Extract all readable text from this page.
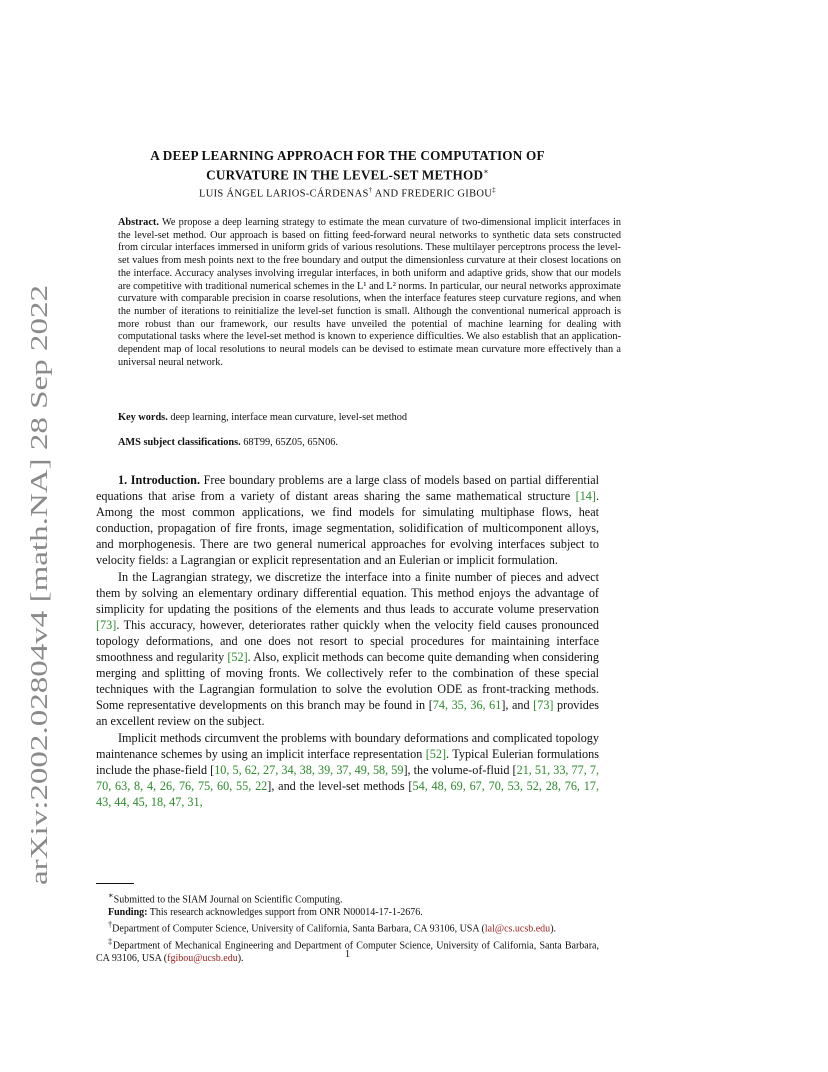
arXiv:2002.02804v4 [math.NA] 28 Sep 2022
A DEEP LEARNING APPROACH FOR THE COMPUTATION OF
CURVATURE IN THE LEVEL-SET METHOD∗
LUIS ÁNGEL LARIOS-CÁRDENAS† AND FREDERIC GIBOU‡
Abstract. We propose a deep learning strategy to estimate the mean curvature of two-dimensional implicit interfaces in the level-set method. Our approach is based on fitting feed-forward neural networks to synthetic data sets constructed from circular interfaces immersed in uniform grids of various resolutions. These multilayer perceptrons process the level-set values from mesh points next to the free boundary and output the dimensionless curvature at their closest locations on the interface. Accuracy analyses involving irregular interfaces, in both uniform and adaptive grids, show that our models are competitive with traditional numerical schemes in the L¹ and L² norms. In particular, our neural networks approximate curvature with comparable precision in coarse resolutions, when the interface features steep curvature regions, and when the number of iterations to reinitialize the level-set function is small. Although the conventional numerical approach is more robust than our framework, our results have unveiled the potential of machine learning for dealing with computational tasks where the level-set method is known to experience difficulties. We also establish that an application-dependent map of local resolutions to neural models can be devised to estimate mean curvature more effectively than a universal neural network.
Key words. deep learning, interface mean curvature, level-set method
AMS subject classifications. 68T99, 65Z05, 65N06.

1. Introduction. Free boundary problems are a large class of models based on partial differential equations that arise from a variety of distant areas sharing the same mathematical structure [14]. Among the most common applications, we find models for simulating multiphase flows, heat conduction, propagation of fire fronts, image segmentation, solidification of multicomponent alloys, and morphogenesis. There are two general numerical approaches for evolving interfaces subject to velocity fields: a Lagrangian or explicit representation and an Eulerian or implicit formulation.

In the Lagrangian strategy, we discretize the interface into a finite number of pieces and advect them by solving an elementary ordinary differential equation. This method enjoys the advantage of simplicity for updating the positions of the elements and thus leads to accurate volume preservation [73]. This accuracy, however, deteriorates rather quickly when the velocity field causes pronounced topology deformations, and one does not resort to special procedures for maintaining interface smoothness and regularity [52]. Also, explicit methods can become quite demanding when considering merging and splitting of moving fronts. We collectively refer to the combination of these special techniques with the Lagrangian formulation to solve the evolution ODE as front-tracking methods. Some representative developments on this branch may be found in [74, 35, 36, 61], and [73] provides an excellent review on the subject.

Implicit methods circumvent the problems with boundary deformations and complicated topology maintenance schemes by using an implicit interface representation [52]. Typical Eulerian formulations include the phase-field [10, 5, 62, 27, 34, 38, 39, 37, 49, 58, 59], the volume-of-fluid [21, 51, 33, 77, 7, 70, 63, 8, 4, 26, 76, 75, 60, 55, 22], and the level-set methods [54, 48, 69, 67, 70, 53, 52, 28, 76, 17, 43, 44, 45, 18, 47, 31,

∗Submitted to the SIAM Journal on Scientific Computing.
Funding: This research acknowledges support from ONR N00014-17-1-2676.
†Department of Computer Science, University of California, Santa Barbara, CA 93106, USA (lal@cs.ucsb.edu).
‡Department of Mechanical Engineering and Department of Computer Science, University of California, Santa Barbara, CA 93106, USA (fgibou@ucsb.edu).	1
